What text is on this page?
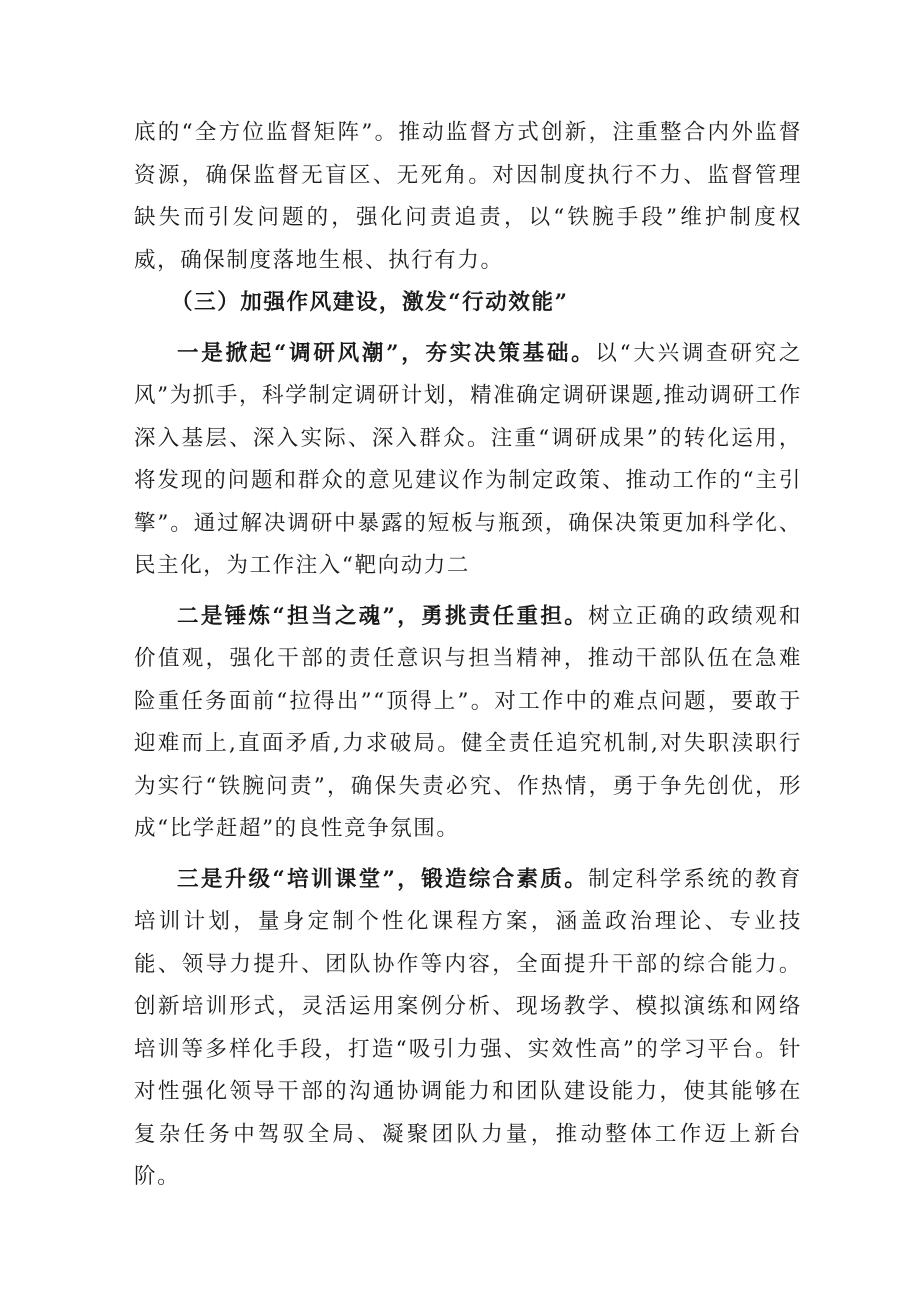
底的“全方位监督矩阵”。推动监督方式创新，注重整合内外监督资源，确保监督无盲区、无死角。对因制度执行不力、监督管理缺失而引发问题的，强化问责追责，以“铁腕手段”维护制度权威，确保制度落地生根、执行有力。

（三）加强作风建设，激发“行动效能”

一是掀起“调研风潮”，夯实决策基础。以“大兴调查研究之风”为抓手，科学制定调研计划，精准确定调研课题,推动调研工作深入基层、深入实际、深入群众。注重“调研成果”的转化运用，将发现的问题和群众的意见建议作为制定政策、推动工作的“主引擎”。通过解决调研中暴露的短板与瓶颈，确保决策更加科学化、民主化，为工作注入“靶向动力二

二是锤炼“担当之魂”，勇挑责任重担。树立正确的政绩观和价值观，强化干部的责任意识与担当精神，推动干部队伍在急难险重任务面前“拉得出”“顶得上”。对工作中的难点问题，要敢于迎难而上,直面矛盾,力求破局。健全责任追究机制,对失职渎职行为实行“铁腕问责”，确保失责必究、作热情，勇于争先创优，形成“比学赶超”的良性竞争氛围。

三是升级“培训课堂”，锻造综合素质。制定科学系统的教育培训计划，量身定制个性化课程方案，涵盖政治理论、专业技能、领导力提升、团队协作等内容，全面提升干部的综合能力。创新培训形式，灵活运用案例分析、现场教学、模拟演练和网络培训等多样化手段，打造“吸引力强、实效性高”的学习平台。针对性强化领导干部的沟通协调能力和团队建设能力，使其能够在复杂任务中驾驭全局、凝聚团队力量，推动整体工作迈上新台阶。
